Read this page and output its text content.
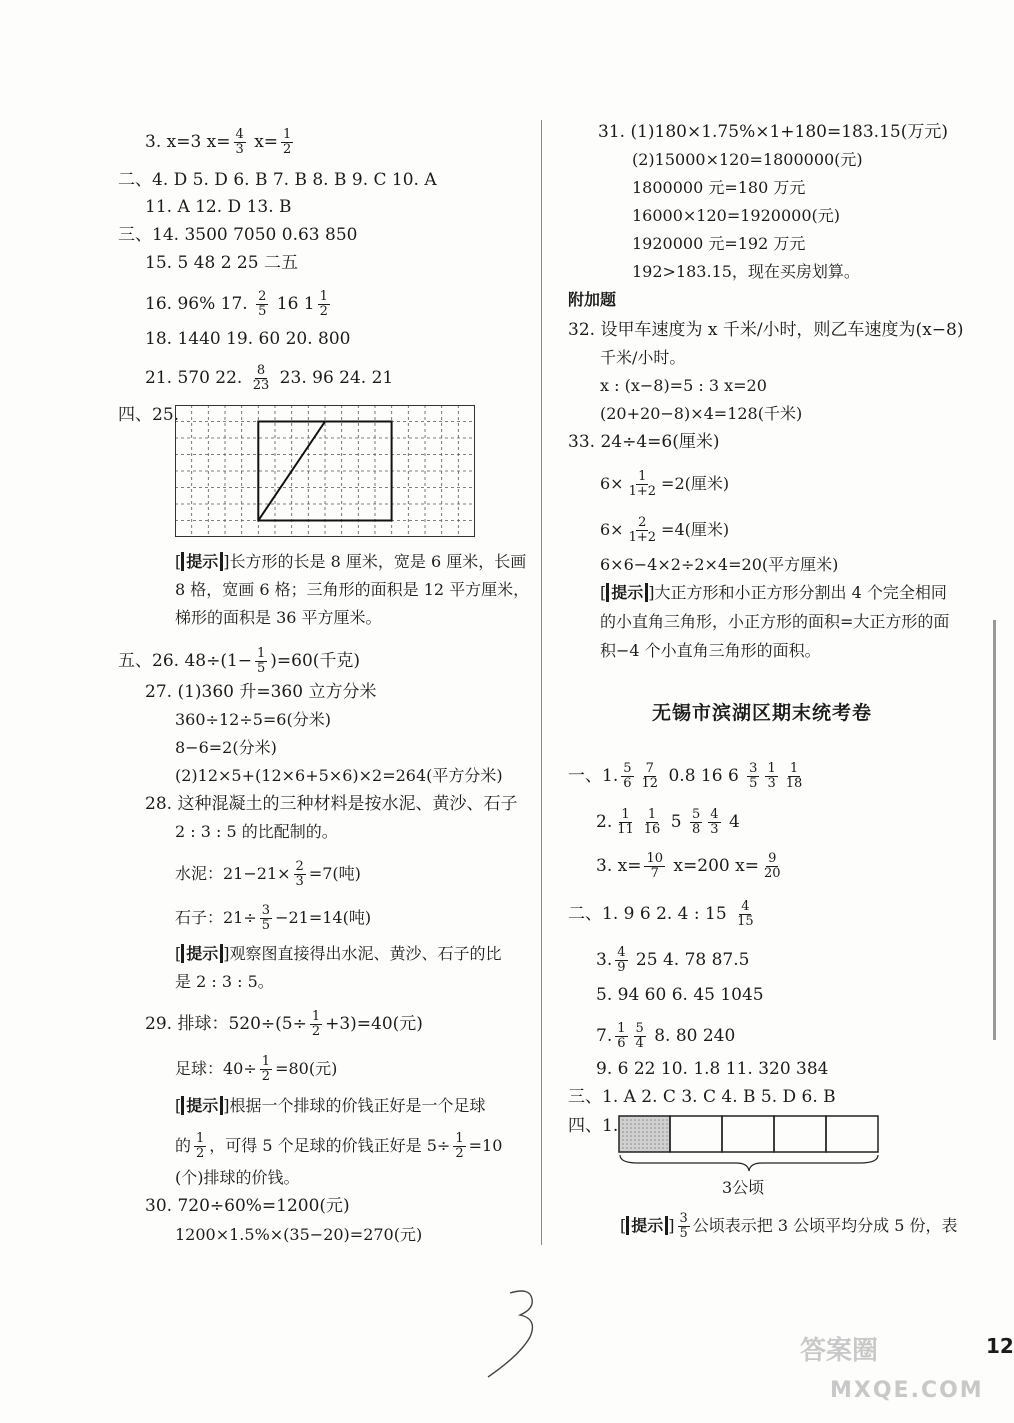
3. x=3 $x= \frac{4}{3} x= \frac{1}{2}$
二、4. D 5. D 6. B 7. B 8. B 9. C 10. A
11. A 12. D 13. B
三、14. 3500 7050 0.63 850
15. 5 48 2 25 二五
16. 96% 17. $\frac{2}{5} 16$ $1 \frac{1}{2}$
18. 1440 19. 60 20. 800
21. 570 22. $\frac{8}{23} 23$. 96 24. 21
四、25.
[ 提示 ]长方形的长是 8 厘米，宽是 6 厘米，长画
8 格，宽画 6 格；三角形的面积是 12 平方厘米，
梯形的面积是 36 平方厘米。
五、26. $48\div(1- \frac{1}{5} )=60$(千克)
27. (1)360 升=360 立方分米
360÷12÷5=6(分米)
8−6=2(分米)
(2)12×5+(12×6+5×6)×2=264(平方分米)
28. 这种混凝土的三种材料是按水泥、黄沙、石子
2 : 3 : 5 的比配制的。
水泥：$21-21\times \frac{2}{3} =7$(吨)
石子：$21\div \frac{3}{5} -21=14$(吨)
[ 提示 ]观察图直接得出水泥、黄沙、石子的比
是 2 : 3 : 5。
29. 排球：$520\div(5\div \frac{1}{2} +3)=40$(元)
足球：$40\div \frac{1}{2} =80$(元)
[ 提示 ]根据一个排球的价钱正好是一个足球
的 $\frac{1}{2}$ ，可得 5 个足球的价钱正好是 $5\div \frac{1}{2} =10$
(个)排球的价钱。
30. 720÷60%=1200(元)
1200×1.5%×(35−20)=270(元)
31. (1)180×1.75%×1+180=183.15(万元)
(2)15000×120=1800000(元)
1800000 元=180 万元
16000×120=1920000(元)
1920000 元=192 万元
192>183.15，现在买房划算。
附加题
32. 设甲车速度为 x 千米/小时，则乙车速度为(x−8)
千米/小时。
x : (x−8)=5 : 3 x=20
(20+20−8)×4=128(千米)
33. 24÷4=6(厘米)
$6\times \frac{1}{1+2} =2$(厘米)
$6\times \frac{2}{1+2} =4$(厘米)
6×6−4×2÷2×4=20(平方厘米)
[ 提示 ]大正方形和小正方形分割出 4 个完全相同
的小直角三角形，小正方形的面积=大正方形的面
积−4 个小直角三角形的面积。
无锡市滨湖区期末统考卷
一、1. $\frac{5}{6} \frac{7}{12} 0.8$ 16 $6 \frac{3}{5} \frac{1}{3} \frac{1}{18}$
2. $\frac{1}{11} \frac{1}{16} 5 \frac{5}{8} \frac{4}{3} 4$
3. $x= \frac{10}{7} x=200$ $x= \frac{9}{20}$
二、1. 9 6 2. 4 : $15 \frac{4}{15}$
3. $\frac{4}{9} 25$ 4. 78 87.5
5. 94 60 6. 45 1045
7. $\frac{1}{6} \frac{5}{4} 8$. 80 240
9. 6 22 10. 1.8 11. 320 384
三、1. A 2. C 3. C 4. B 5. D 6. B
四、1.
3公顷
[ 提示 ] $\frac{3}{5}$ 公顷表示把 3 公顷平均分成 5 份，表
12
答案圈
MXQE.COM
